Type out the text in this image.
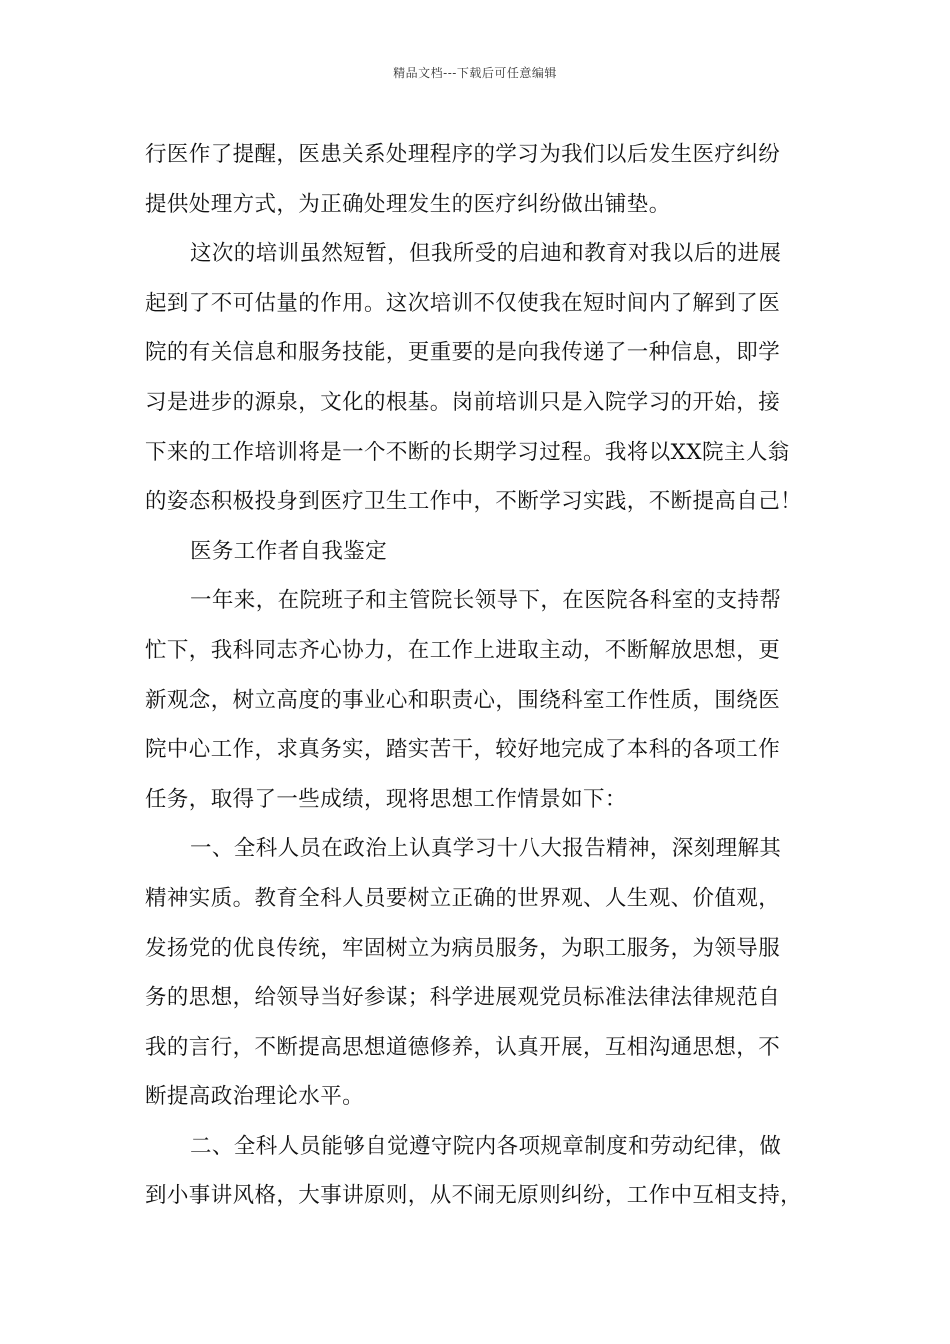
精品文档---下载后可任意编辑
行医作了提醒，医患关系处理程序的学习为我们以后发生医疗纠纷
提供处理方式，为正确处理发生的医疗纠纷做出铺垫。
这次的培训虽然短暂，但我所受的启迪和教育对我以后的进展
起到了不可估量的作用。这次培训不仅使我在短时间内了解到了医
院的有关信息和服务技能，更重要的是向我传递了一种信息，即学
习是进步的源泉，文化的根基。岗前培训只是入院学习的开始，接
下来的工作培训将是一个不断的长期学习过程。我将以XX院主人翁
的姿态积极投身到医疗卫生工作中，不断学习实践，不断提高自己！
医务工作者自我鉴定
一年来，在院班子和主管院长领导下，在医院各科室的支持帮
忙下，我科同志齐心协力，在工作上进取主动，不断解放思想，更
新观念，树立高度的事业心和职责心，围绕科室工作性质，围绕医
院中心工作，求真务实，踏实苦干，较好地完成了本科的各项工作
任务，取得了一些成绩，现将思想工作情景如下：
一、全科人员在政治上认真学习十八大报告精神，深刻理解其
精神实质。教育全科人员要树立正确的世界观、人生观、价值观，
发扬党的优良传统，牢固树立为病员服务，为职工服务，为领导服
务的思想，给领导当好参谋；科学进展观党员标准法律法律规范自
我的言行，不断提高思想道德修养，认真开展，互相沟通思想，不
断提高政治理论水平。
二、全科人员能够自觉遵守院内各项规章制度和劳动纪律，做
到小事讲风格，大事讲原则，从不闹无原则纠纷，工作中互相支持，
